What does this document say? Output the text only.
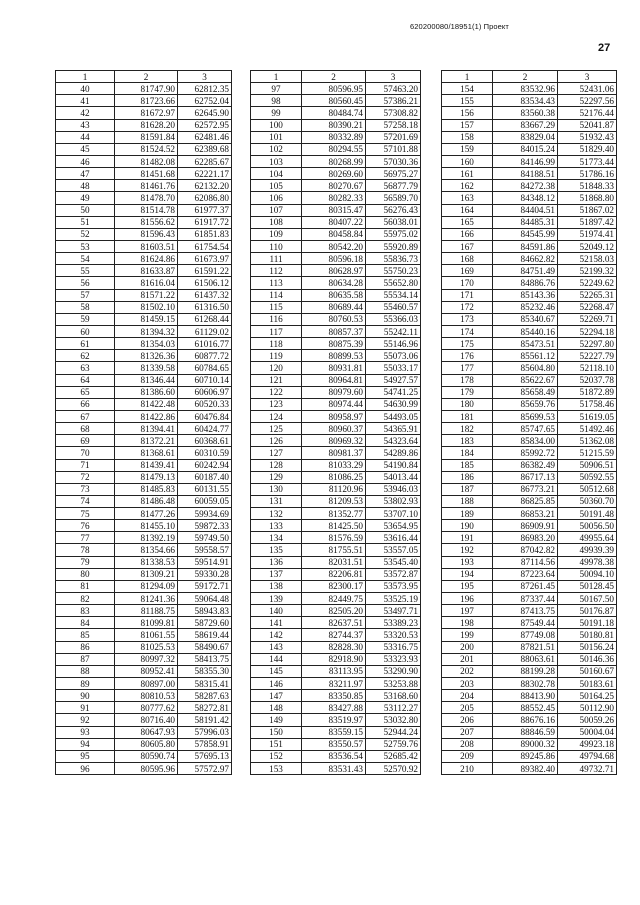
620200080/18951(1) Проект
27
1	2	3
40	81747.90	62812.35
41	81723.66	62752.04
42	81672.97	62645.90
43	81628.20	62572.95
44	81591.84	62481.46
45	81524.52	62389.68
46	81482.08	62285.67
47	81451.68	62221.17
48	81461.76	62132.20
49	81478.70	62086.80
50	81514.78	61977.37
51	81556.62	61917.72
52	81596.43	61851.83
53	81603.51	61754.54
54	81624.86	61673.97
55	81633.87	61591.22
56	81616.04	61506.12
57	81571.22	61437.32
58	81502.10	61316.50
59	81459.15	61268.44
60	81394.32	61129.02
61	81354.03	61016.77
62	81326.36	60877.72
63	81339.58	60784.65
64	81346.44	60710.14
65	81386.60	60606.97
66	81422.48	60520.33
67	81422.86	60476.84
68	81394.41	60424.77
69	81372.21	60368.61
70	81368.61	60310.59
71	81439.41	60242.94
72	81479.13	60187.40
73	81485.83	60131.55
74	81486.48	60059.05
75	81477.26	59934.69
76	81455.10	59872.33
77	81392.19	59749.50
78	81354.66	59558.57
79	81338.53	59514.91
80	81309.21	59330.28
81	81294.09	59172.71
82	81241.36	59064.48
83	81188.75	58943.83
84	81099.81	58729.60
85	81061.55	58619.44
86	81025.53	58490.67
87	80997.32	58413.75
88	80952.41	58355.30
89	80897.00	58315.41
90	80810.53	58287.63
91	80777.62	58272.81
92	80716.40	58191.42
93	80647.93	57996.03
94	80605.80	57858.91
95	80590.74	57695.13
96	80595.96	57572.97
1	2	3
97	80596.95	57463.20
98	80560.45	57386.21
99	80484.74	57308.82
100	80390.21	57258.18
101	80332.89	57201.69
102	80294.55	57101.88
103	80268.99	57030.36
104	80269.60	56975.27
105	80270.67	56877.79
106	80282.33	56589.70
107	80315.47	56276.43
108	80407.22	56038.01
109	80458.84	55975.02
110	80542.20	55920.89
111	80596.18	55836.73
112	80628.97	55750.23
113	80634.28	55652.80
114	80635.58	55534.14
115	80689.44	55460.57
116	80760.53	55366.03
117	80857.37	55242.11
118	80875.39	55146.96
119	80899.53	55073.06
120	80931.81	55033.17
121	80964.81	54927.57
122	80979.60	54741.25
123	80974.44	54630.99
124	80958.97	54493.05
125	80960.37	54365.91
126	80969.32	54323.64
127	80981.37	54289.86
128	81033.29	54190.84
129	81086.25	54013.44
130	81120.96	53946.03
131	81209.53	53802.93
132	81352.77	53707.10
133	81425.50	53654.95
134	81576.59	53616.44
135	81755.51	53557.05
136	82031.51	53545.40
137	82206.81	53572.87
138	82300.17	53573.95
139	82449.75	53525.19
140	82505.20	53497.71
141	82637.51	53389.23
142	82744.37	53320.53
143	82828.30	53316.75
144	82918.90	53323.93
145	83113.95	53290.90
146	83211.97	53253.88
147	83350.85	53168.60
148	83427.88	53112.27
149	83519.97	53032.80
150	83559.15	52944.24
151	83550.57	52759.76
152	83536.54	52685.42
153	83531.43	52570.92
1	2	3
154	83532.96	52431.06
155	83534.43	52297.56
156	83560.38	52176.44
157	83667.29	52041.87
158	83829.04	51932.43
159	84015.24	51829.40
160	84146.99	51773.44
161	84188.51	51786.16
162	84272.38	51848.33
163	84348.12	51868.80
164	84404.51	51867.02
165	84485.31	51897.42
166	84545.99	51974.41
167	84591.86	52049.12
168	84662.82	52158.03
169	84751.49	52199.32
170	84886.76	52249.62
171	85143.36	52265.31
172	85232.46	52268.47
173	85340.67	52269.71
174	85440.16	52294.18
175	85473.51	52297.80
176	85561.12	52227.79
177	85604.80	52118.10
178	85622.67	52037.78
179	85658.49	51872.89
180	85659.76	51758.46
181	85699.53	51619.05
182	85747.65	51492.46
183	85834.00	51362.08
184	85992.72	51215.59
185	86382.49	50906.51
186	86717.13	50592.55
187	86773.21	50512.68
188	86825.85	50360.70
189	86853.21	50191.48
190	86909.91	50056.50
191	86983.20	49955.64
192	87042.82	49939.39
193	87114.56	49978.38
194	87223.64	50094.10
195	87261.45	50128.45
196	87337.44	50167.50
197	87413.75	50176.87
198	87549.44	50191.18
199	87749.08	50180.81
200	87821.51	50156.24
201	88063.61	50146.36
202	88199.28	50160.67
203	88302.78	50183.61
204	88413.90	50164.25
205	88552.45	50112.90
206	88676.16	50059.26
207	88846.59	50004.04
208	89000.32	49923.18
209	89245.86	49794.68
210	89382.40	49732.71
